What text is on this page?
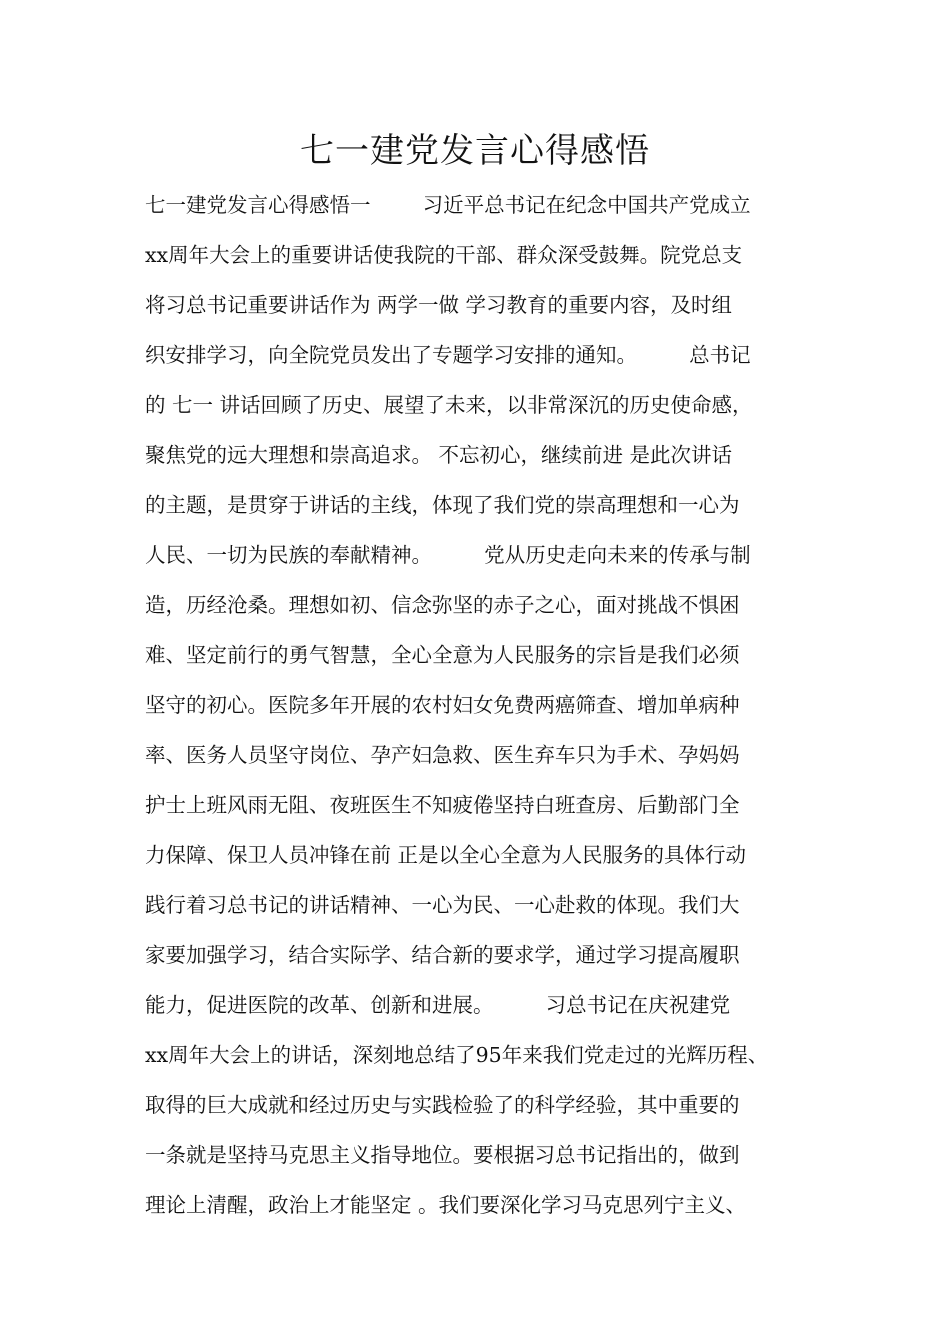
七一建党发言心得感悟
七一建党发言心得感悟一        习近平总书记在纪念中国共产党成立
xx周年大会上的重要讲话使我院的干部、群众深受鼓舞。院党总支
将习总书记重要讲话作为 两学一做 学习教育的重要内容，及时组
织安排学习，向全院党员发出了专题学习安排的通知。        总书记
的 七一 讲话回顾了历史、展望了未来，以非常深沉的历史使命感，
聚焦党的远大理想和崇高追求。 不忘初心，继续前进 是此次讲话
的主题，是贯穿于讲话的主线，体现了我们党的崇高理想和一心为
人民、一切为民族的奉献精神。        党从历史走向未来的传承与制
造，历经沧桑。理想如初、信念弥坚的赤子之心，面对挑战不惧困
难、坚定前行的勇气智慧，全心全意为人民服务的宗旨是我们必须
坚守的初心。医院多年开展的农村妇女免费两癌筛查、增加单病种
率、医务人员坚守岗位、孕产妇急救、医生弃车只为手术、孕妈妈
护士上班风雨无阻、夜班医生不知疲倦坚持白班查房、后勤部门全
力保障、保卫人员冲锋在前 正是以全心全意为人民服务的具体行动
践行着习总书记的讲话精神、一心为民、一心赴救的体现。我们大
家要加强学习，结合实际学、结合新的要求学，通过学习提高履职
能力，促进医院的改革、创新和进展。        习总书记在庆祝建党
xx周年大会上的讲话，深刻地总结了95年来我们党走过的光辉历程、
取得的巨大成就和经过历史与实践检验了的科学经验，其中重要的
一条就是坚持马克思主义指导地位。要根据习总书记指出的，做到
理论上清醒，政治上才能坚定 。我们要深化学习马克思列宁主义、
